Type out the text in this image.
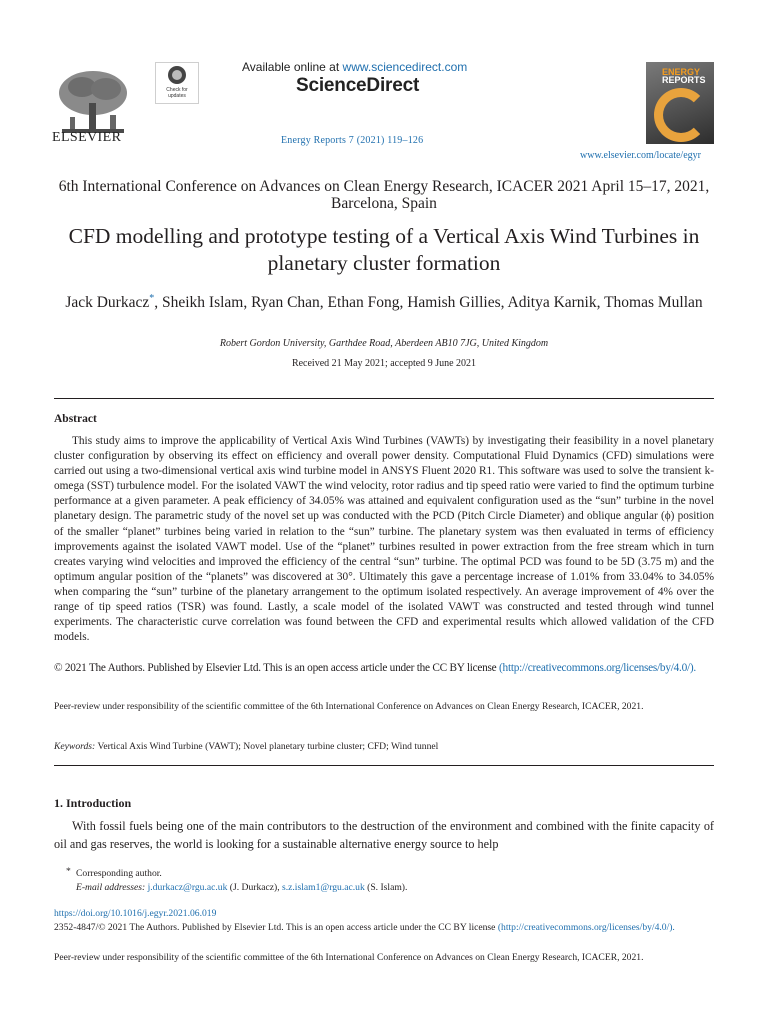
ELSEVIER
Check for
updates
Available online at www.sciencedirect.com
ScienceDirect
Energy Reports 7 (2021) 119–126
ENERGY
REPORTS
www.elsevier.com/locate/egyr
6th International Conference on Advances on Clean Energy Research, ICACER 2021 April 15–17, 2021, Barcelona, Spain
CFD modelling and prototype testing of a Vertical Axis Wind Turbines in planetary cluster formation
Jack Durkacz*, Sheikh Islam, Ryan Chan, Ethan Fong, Hamish Gillies, Aditya Karnik, Thomas Mullan
Robert Gordon University, Garthdee Road, Aberdeen AB10 7JG, United Kingdom
Received 21 May 2021; accepted 9 June 2021
Abstract

This study aims to improve the applicability of Vertical Axis Wind Turbines (VAWTs) by investigating their feasibility in a novel planetary cluster configuration by observing its effect on efficiency and overall power density. Computational Fluid Dynamics (CFD) simulations were carried out using a two-dimensional vertical axis wind turbine model in ANSYS Fluent 2020 R1. This software was used to solve the transient k-omega (SST) turbulence model. For the isolated VAWT the wind velocity, rotor radius and tip speed ratio were varied to find the optimum turbine performance at a given parameter. A peak efficiency of 34.05% was attained and equivalent configuration used as the “sun” turbine in the novel planetary design. The parametric study of the novel set up was conducted with the PCD (Pitch Circle Diameter) and oblique angular (ϕ) position of the smaller “planet” turbines being varied in relation to the “sun” turbine. The planetary system was then evaluated in terms of efficiency improvements against the isolated VAWT model. Use of the “planet” turbines resulted in power extraction from the free stream which in turn creates varying wind velocities and improved the efficiency of the central “sun” turbine. The optimal PCD was found to be 5D (3.75 m) and the optimum angular position of the “planets” was discovered at 30°. Ultimately this gave a percentage increase of 1.01% from 33.04% to 34.05% when comparing the “sun” turbine of the planetary arrangement to the optimum isolated respectively. An average improvement of 4% over the range of tip speed ratios (TSR) was found. Lastly, a scale model of the isolated VAWT was constructed and tested through wind tunnel experiments. The characteristic curve correlation was found between the CFD and experimental results which allowed validation of the CFD models.

© 2021 The Authors. Published by Elsevier Ltd. This is an open access article under the CC BY license (http://creativecommons.org/licenses/by/4.0/).

Peer-review under responsibility of the scientific committee of the 6th International Conference on Advances on Clean Energy Research, ICACER, 2021.

Keywords: Vertical Axis Wind Turbine (VAWT); Novel planetary turbine cluster; CFD; Wind tunnel

1. Introduction

With fossil fuels being one of the main contributors to the destruction of the environment and combined with the finite capacity of oil and gas reserves, the world is looking for a sustainable alternative energy source to help

* Corresponding author.
E-mail addresses: j.durkacz@rgu.ac.uk (J. Durkacz), s.z.islam1@rgu.ac.uk (S. Islam).
https://doi.org/10.1016/j.egyr.2021.06.019

2352-4847/© 2021 The Authors. Published by Elsevier Ltd. This is an open access article under the CC BY license (http://creativecommons.org/licenses/by/4.0/).

Peer-review under responsibility of the scientific committee of the 6th International Conference on Advances on Clean Energy Research, ICACER, 2021.
